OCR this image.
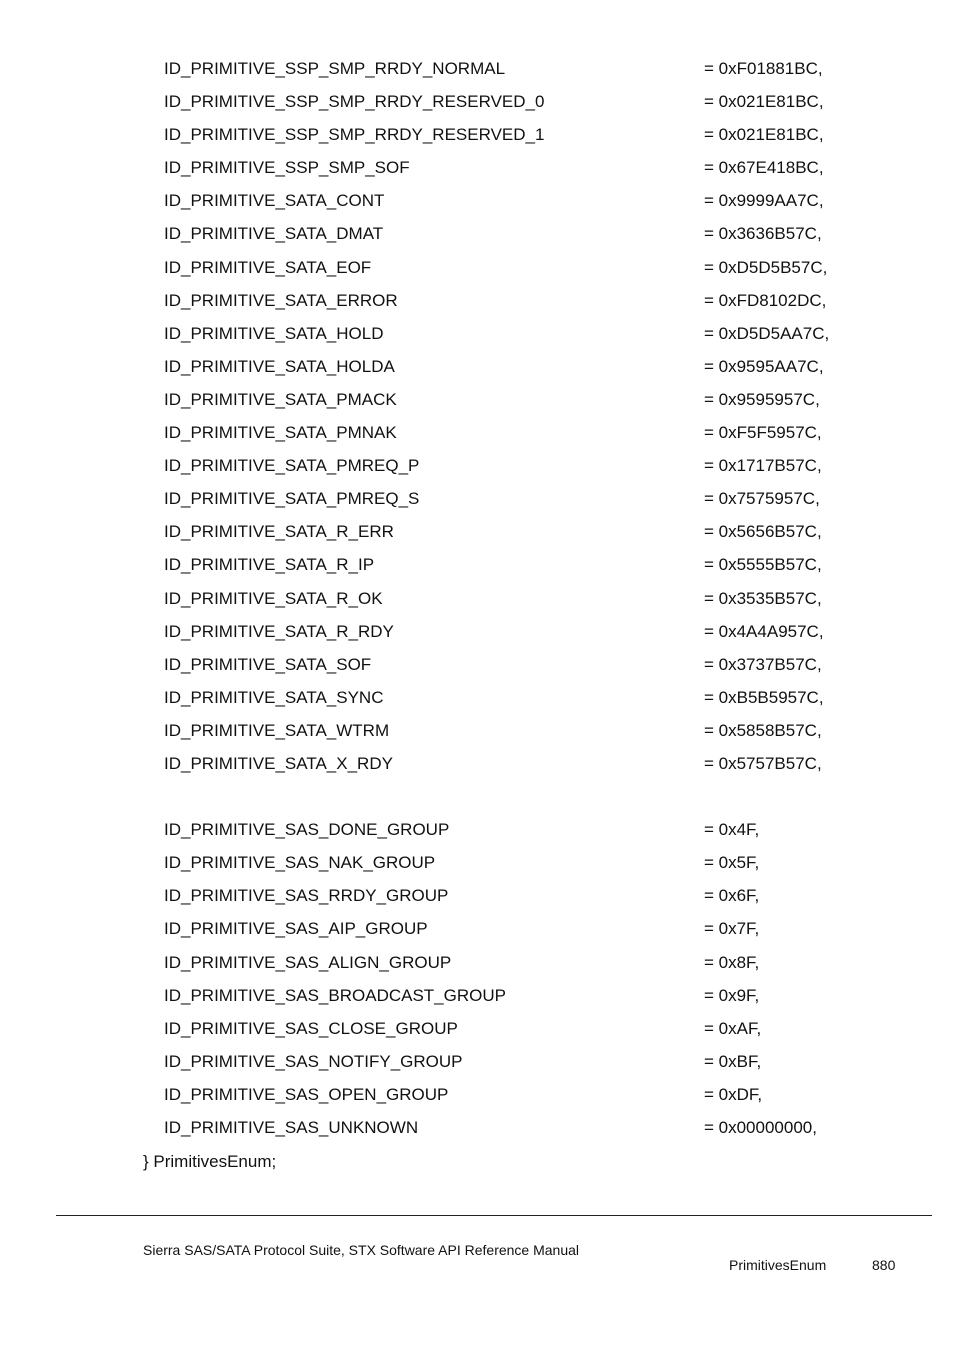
ID_PRIMITIVE_SSP_SMP_RRDY_NORMAL	= 0xF01881BC,
ID_PRIMITIVE_SSP_SMP_RRDY_RESERVED_0	= 0x021E81BC,
ID_PRIMITIVE_SSP_SMP_RRDY_RESERVED_1	= 0x021E81BC,
ID_PRIMITIVE_SSP_SMP_SOF	= 0x67E418BC,
ID_PRIMITIVE_SATA_CONT	= 0x9999AA7C,
ID_PRIMITIVE_SATA_DMAT	= 0x3636B57C,
ID_PRIMITIVE_SATA_EOF	= 0xD5D5B57C,
ID_PRIMITIVE_SATA_ERROR	= 0xFD8102DC,
ID_PRIMITIVE_SATA_HOLD	= 0xD5D5AA7C,
ID_PRIMITIVE_SATA_HOLDA	= 0x9595AA7C,
ID_PRIMITIVE_SATA_PMACK	= 0x9595957C,
ID_PRIMITIVE_SATA_PMNAK	= 0xF5F5957C,
ID_PRIMITIVE_SATA_PMREQ_P	= 0x1717B57C,
ID_PRIMITIVE_SATA_PMREQ_S	= 0x7575957C,
ID_PRIMITIVE_SATA_R_ERR	= 0x5656B57C,
ID_PRIMITIVE_SATA_R_IP	= 0x5555B57C,
ID_PRIMITIVE_SATA_R_OK	= 0x3535B57C,
ID_PRIMITIVE_SATA_R_RDY	= 0x4A4A957C,
ID_PRIMITIVE_SATA_SOF	= 0x3737B57C,
ID_PRIMITIVE_SATA_SYNC	= 0xB5B5957C,
ID_PRIMITIVE_SATA_WTRM	= 0x5858B57C,
ID_PRIMITIVE_SATA_X_RDY	= 0x5757B57C,
ID_PRIMITIVE_SAS_DONE_GROUP	= 0x4F,
ID_PRIMITIVE_SAS_NAK_GROUP	= 0x5F,
ID_PRIMITIVE_SAS_RRDY_GROUP	= 0x6F,
ID_PRIMITIVE_SAS_AIP_GROUP	= 0x7F,
ID_PRIMITIVE_SAS_ALIGN_GROUP	= 0x8F,
ID_PRIMITIVE_SAS_BROADCAST_GROUP	= 0x9F,
ID_PRIMITIVE_SAS_CLOSE_GROUP	= 0xAF,
ID_PRIMITIVE_SAS_NOTIFY_GROUP	= 0xBF,
ID_PRIMITIVE_SAS_OPEN_GROUP	= 0xDF,
ID_PRIMITIVE_SAS_UNKNOWN	= 0x00000000,
} PrimitivesEnum;
Sierra SAS/SATA Protocol Suite, STX Software API Reference Manual
PrimitivesEnum	880
